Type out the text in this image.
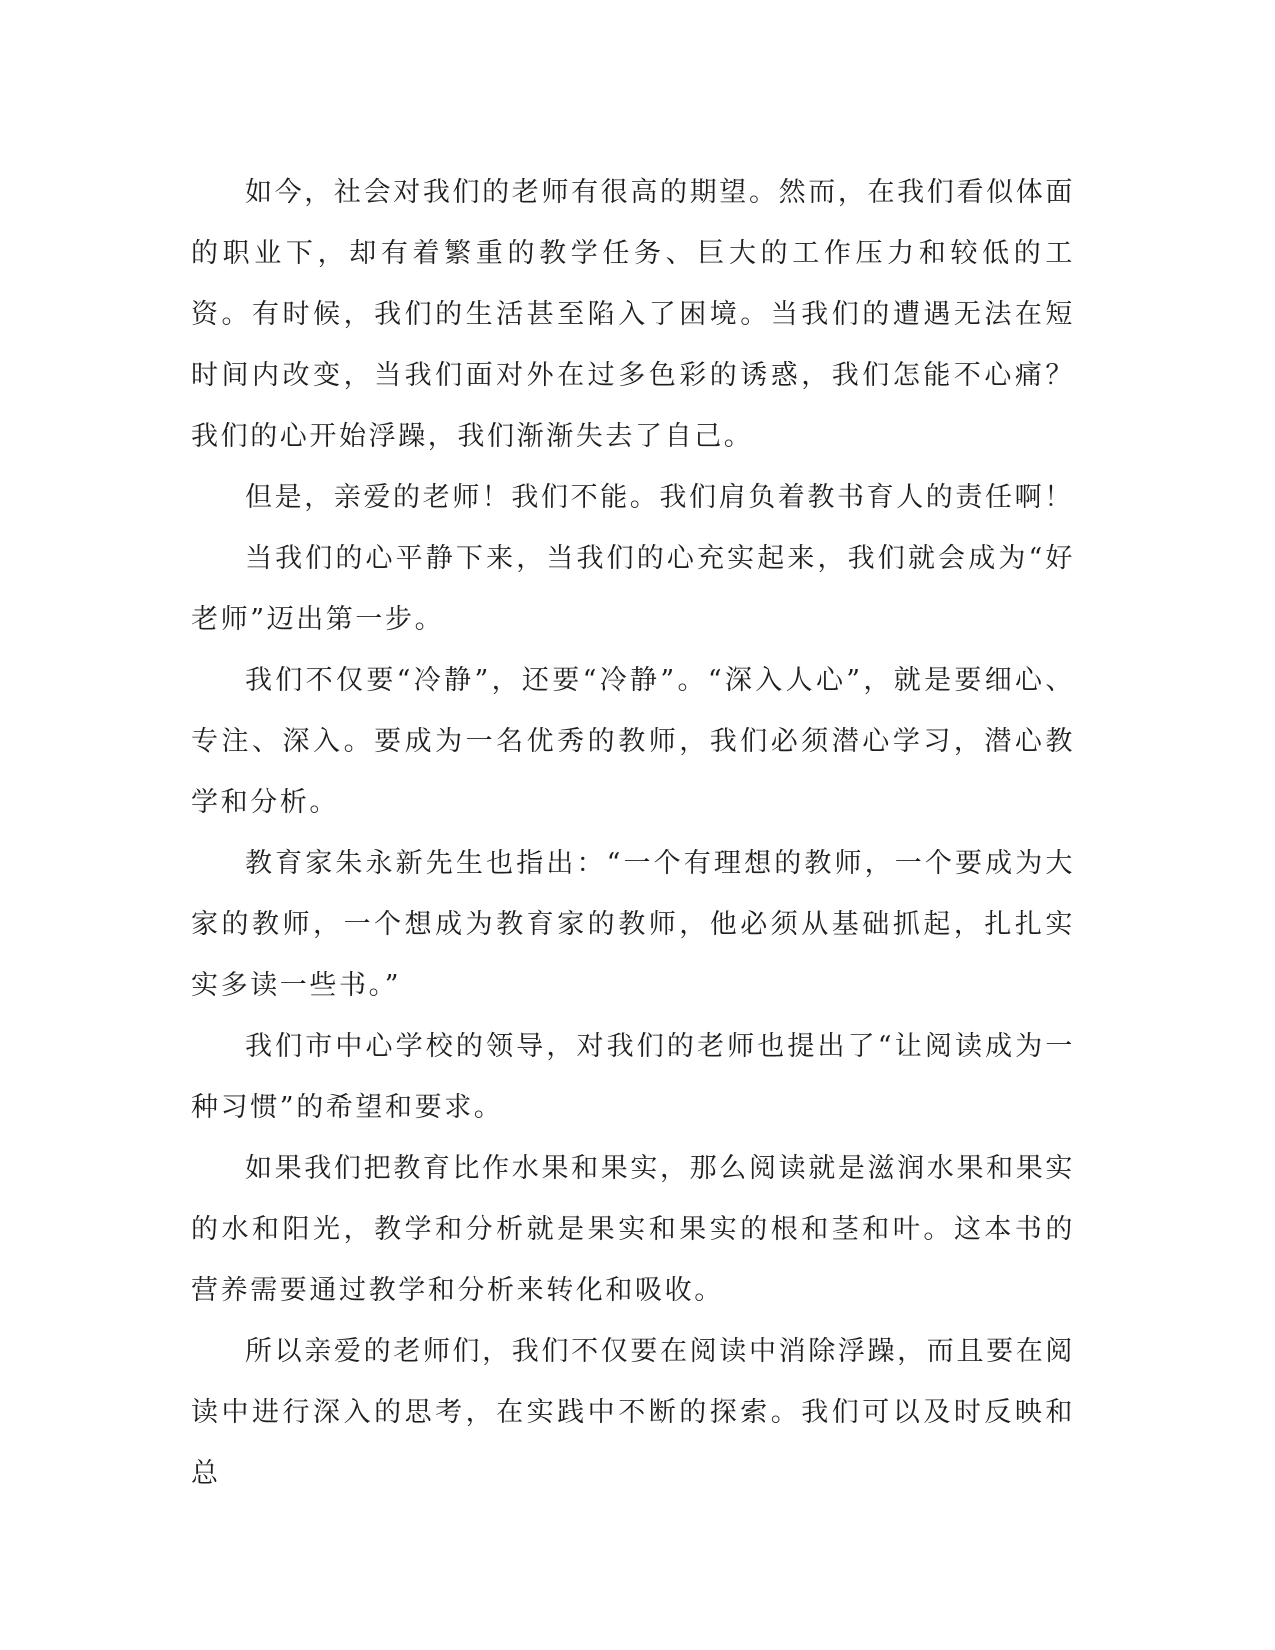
如今，社会对我们的老师有很高的期望。然而，在我们看似体面的职业下，却有着繁重的教学任务、巨大的工作压力和较低的工资。有时候，我们的生活甚至陷入了困境。当我们的遭遇无法在短时间内改变，当我们面对外在过多色彩的诱惑，我们怎能不心痛？我们的心开始浮躁，我们渐渐失去了自己。

但是，亲爱的老师！我们不能。我们肩负着教书育人的责任啊！

当我们的心平静下来，当我们的心充实起来，我们就会成为“好老师”迈出第一步。

我们不仅要“冷静”，还要“冷静”。“深入人心”，就是要细心、专注、深入。要成为一名优秀的教师，我们必须潜心学习，潜心教学和分析。

教育家朱永新先生也指出：“一个有理想的教师，一个要成为大家的教师，一个想成为教育家的教师，他必须从基础抓起，扎扎实实多读一些书。”

我们市中心学校的领导，对我们的老师也提出了“让阅读成为一种习惯”的希望和要求。

如果我们把教育比作水果和果实，那么阅读就是滋润水果和果实的水和阳光，教学和分析就是果实和果实的根和茎和叶。这本书的营养需要通过教学和分析来转化和吸收。

所以亲爱的老师们，我们不仅要在阅读中消除浮躁，而且要在阅读中进行深入的思考，在实践中不断的探索。我们可以及时反映和总
